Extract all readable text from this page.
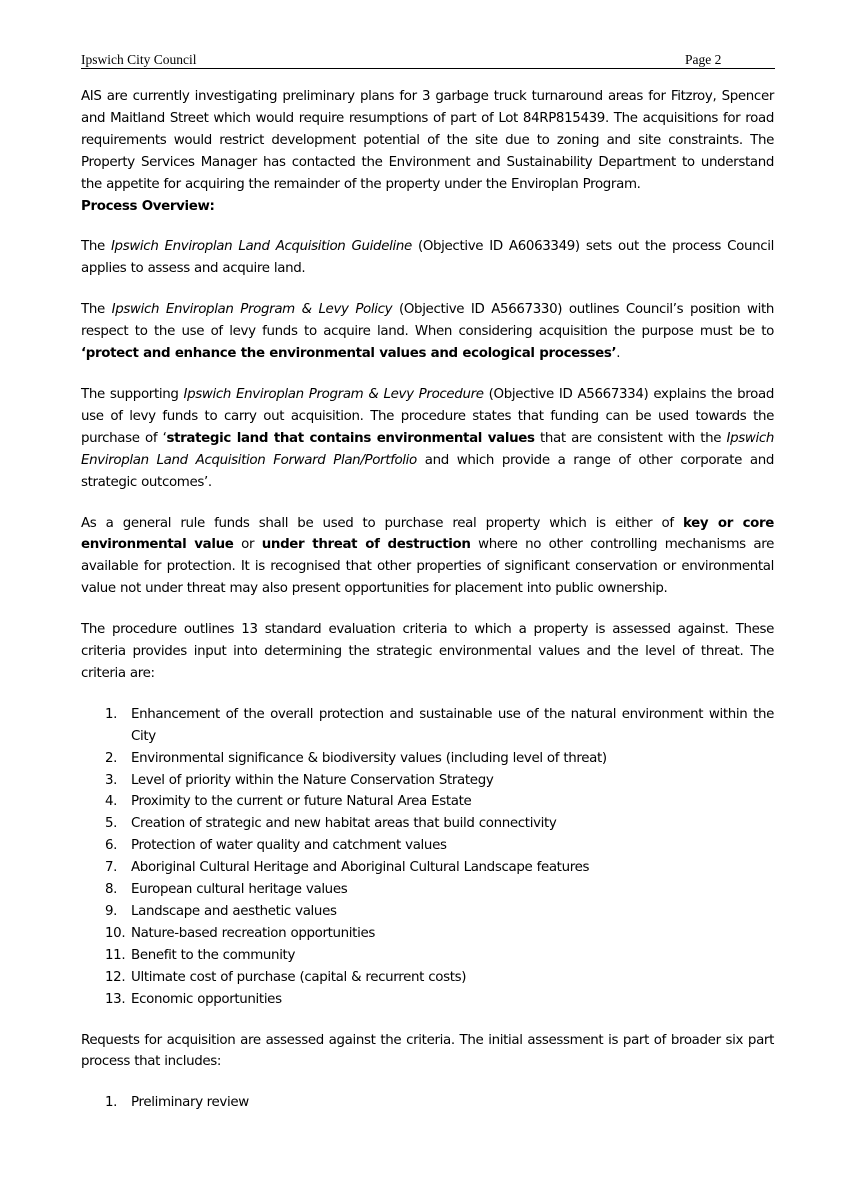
Ipswich City Council	Page 2

AIS are currently investigating preliminary plans for 3 garbage truck turnaround areas for Fitzroy, Spencer and Maitland Street which would require resumptions of part of Lot 84RP815439. The acquisitions for road requirements would restrict development potential of the site due to zoning and site constraints. The Property Services Manager has contacted the Environment and Sustainability Department to understand the appetite for acquiring the remainder of the property under the Enviroplan Program.

Process Overview:

The Ipswich Enviroplan Land Acquisition Guideline (Objective ID A6063349) sets out the process Council applies to assess and acquire land.

The Ipswich Enviroplan Program & Levy Policy (Objective ID A5667330) outlines Council’s position with respect to the use of levy funds to acquire land. When considering acquisition the purpose must be to ‘protect and enhance the environmental values and ecological processes’.

The supporting Ipswich Enviroplan Program & Levy Procedure (Objective ID A5667334) explains the broad use of levy funds to carry out acquisition. The procedure states that funding can be used towards the purchase of ‘strategic land that contains environmental values that are consistent with the Ipswich Enviroplan Land Acquisition Forward Plan/Portfolio and which provide a range of other corporate and strategic outcomes’.

As a general rule funds shall be used to purchase real property which is either of key or core environmental value or under threat of destruction where no other controlling mechanisms are available for protection. It is recognised that other properties of significant conservation or environmental value not under threat may also present opportunities for placement into public ownership.

The procedure outlines 13 standard evaluation criteria to which a property is assessed against. These criteria provides input into determining the strategic environmental values and the level of threat. The criteria are:

1. Enhancement of the overall protection and sustainable use of the natural environment within the City
2. Environmental significance & biodiversity values (including level of threat)
3. Level of priority within the Nature Conservation Strategy
4. Proximity to the current or future Natural Area Estate
5. Creation of strategic and new habitat areas that build connectivity
6. Protection of water quality and catchment values
7. Aboriginal Cultural Heritage and Aboriginal Cultural Landscape features
8. European cultural heritage values
9. Landscape and aesthetic values
10. Nature-based recreation opportunities
11. Benefit to the community
12. Ultimate cost of purchase (capital & recurrent costs)
13. Economic opportunities

Requests for acquisition are assessed against the criteria. The initial assessment is part of broader six part process that includes:

1. Preliminary review
